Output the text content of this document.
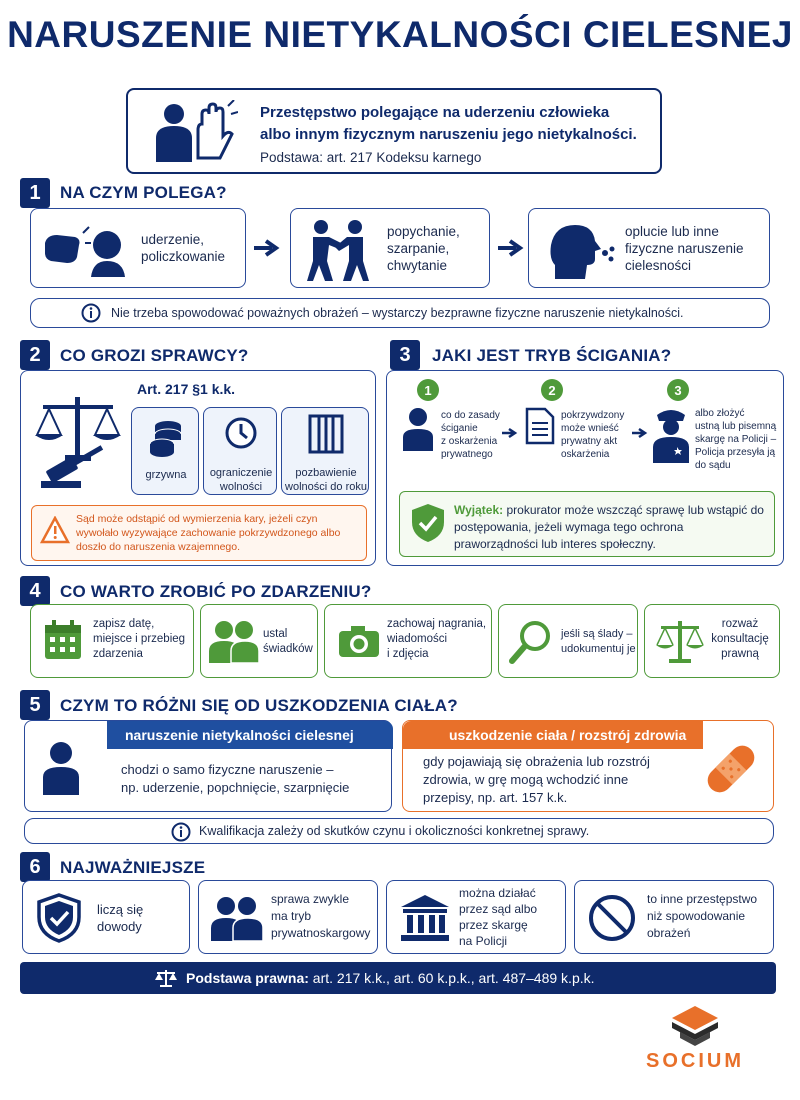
NARUSZENIE NIETYKALNOŚCI CIELESNEJ
Przestępstwo polegające na uderzeniu człowieka
albo innym fizycznym naruszeniu jego nietykalności.
Podstawa: art. 217 Kodeksu karnego
1	NA CZYM POLEGA?
uderzenie,
policzkowanie
popychanie,
szarpanie,
chwytanie
oplucie lub inne
fizyczne naruszenie
cielesności
Nie trzeba spowodować poważnych obrażeń – wystarczy bezprawne fizyczne naruszenie nietykalności.
2	CO GROZI SPRAWCY?
Art. 217 §1 k.k.
grzywna	ograniczenie
wolności
pozbawienie
wolności do roku
Sąd może odstąpić od wymierzenia kary, jeżeli czyn wywołało wyzywające zachowanie pokrzywdzonego albo doszło do naruszenia wzajemnego.
3	JAKI JEST TRYB ŚCIGANIA?
1
co do zasady
ściganie
z oskarżenia
prywatnego
2
pokrzywdzony
może wnieść
prywatny akt
oskarżenia
3
albo złożyć
ustną lub pisemną
skargę na Policji –
Policja przesyła ją
do sądu
Wyjątek: prokurator może wszcząć sprawę lub wstąpić do postępowania, jeżeli wymaga tego ochrona praworządności lub interes społeczny.
4	CO WARTO ZROBIĆ PO ZDARZENIU?
zapisz datę,
miejsce i przebieg
zdarzenia
ustal
świadków
zachowaj nagrania,
wiadomości
i zdjęcia
jeśli są ślady –
udokumentuj je
rozważ
konsultację
prawną
5	CZYM TO RÓŻNI SIĘ OD USZKODZENIA CIAŁA?
naruszenie nietykalności cielesnej
chodzi o samo fizyczne naruszenie –
np. uderzenie, popchnięcie, szarpnięcie
uszkodzenie ciała / rozstrój zdrowia
gdy pojawiają się obrażenia lub rozstrój
zdrowia, w grę mogą wchodzić inne
przepisy, np. art. 157 k.k.
Kwalifikacja zależy od skutków czynu i okoliczności konkretnej sprawy.
6	NAJWAŻNIEJSZE
liczą się
dowody
sprawa zwykle
ma tryb
prywatnoskargowy
można działać
przez sąd albo
przez skargę
na Policji
to inne przestępstwo
niż spowodowanie
obrażeń
Podstawa prawna: art. 217 k.k., art. 60 k.p.k., art. 487–489 k.p.k.
SOCIUM
